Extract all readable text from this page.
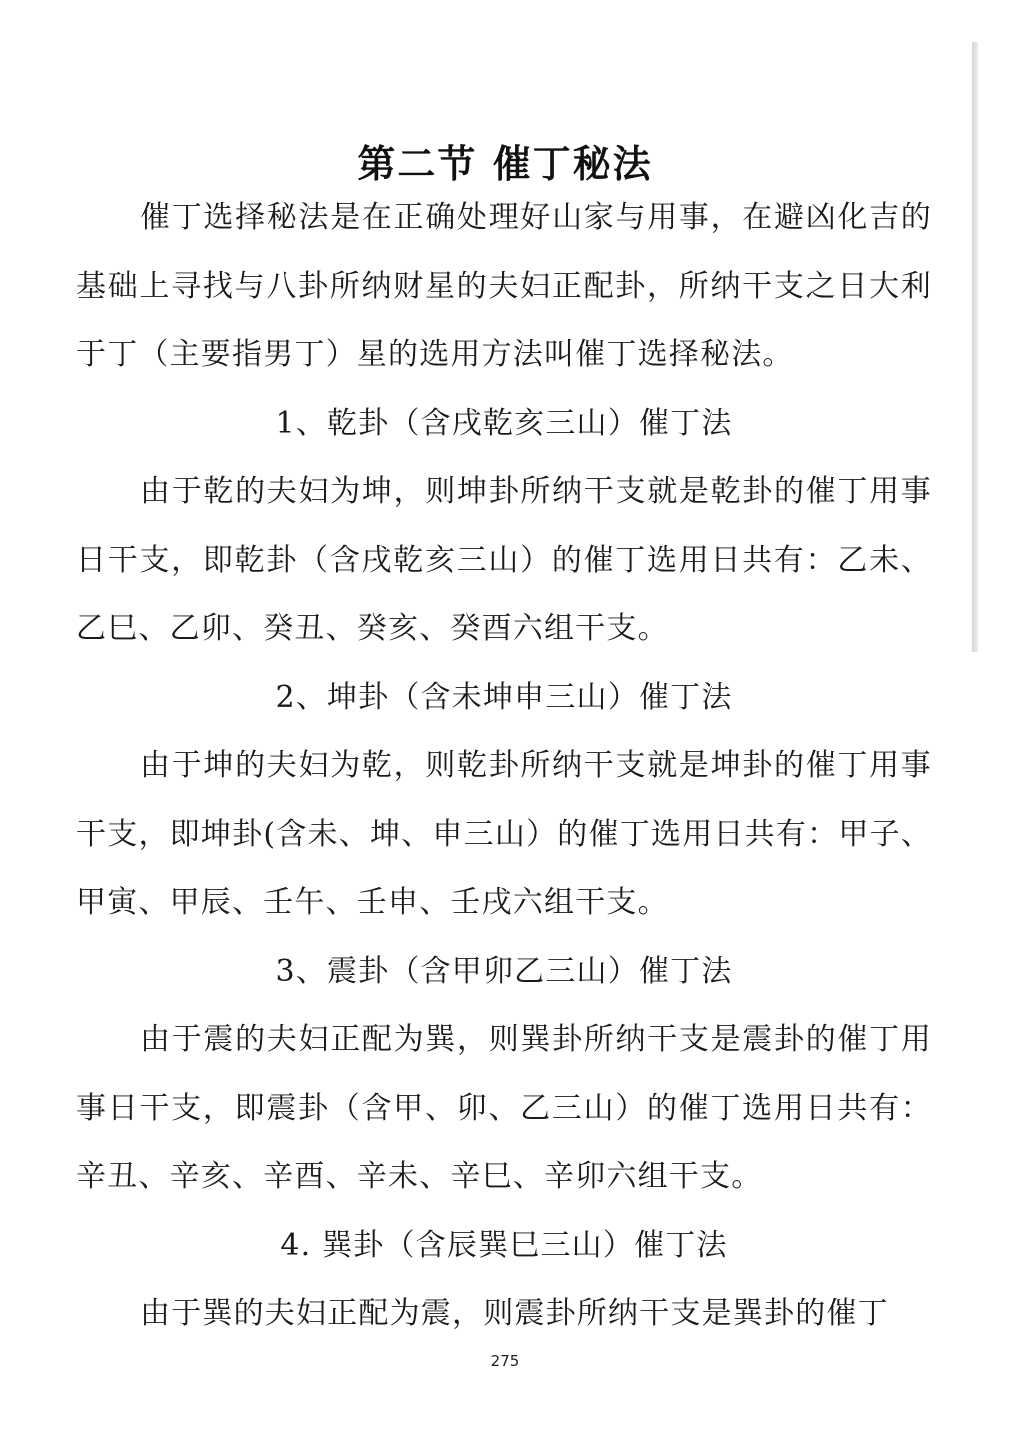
第二节 催丁秘法

催丁选择秘法是在正确处理好山家与用事，在避凶化吉的基础上寻找与八卦所纳财星的夫妇正配卦，所纳干支之日大利于丁（主要指男丁）星的选用方法叫催丁选择秘法。

1、乾卦（含戌乾亥三山）催丁法

由于乾的夫妇为坤，则坤卦所纳干支就是乾卦的催丁用事日干支，即乾卦（含戌乾亥三山）的催丁选用日共有：乙未、乙巳、乙卯、癸丑、癸亥、癸酉六组干支。

2、坤卦（含未坤申三山）催丁法

由于坤的夫妇为乾，则乾卦所纳干支就是坤卦的催丁用事干支，即坤卦(含未、坤、申三山）的催丁选用日共有：甲子、甲寅、甲辰、壬午、壬申、壬戌六组干支。

3、震卦（含甲卯乙三山）催丁法

由于震的夫妇正配为巽，则巽卦所纳干支是震卦的催丁用事日干支，即震卦（含甲、卯、乙三山）的催丁选用日共有：辛丑、辛亥、辛酉、辛未、辛巳、辛卯六组干支。

4. 巽卦（含辰巽巳三山）催丁法

由于巽的夫妇正配为震，则震卦所纳干支是巽卦的催丁

275
